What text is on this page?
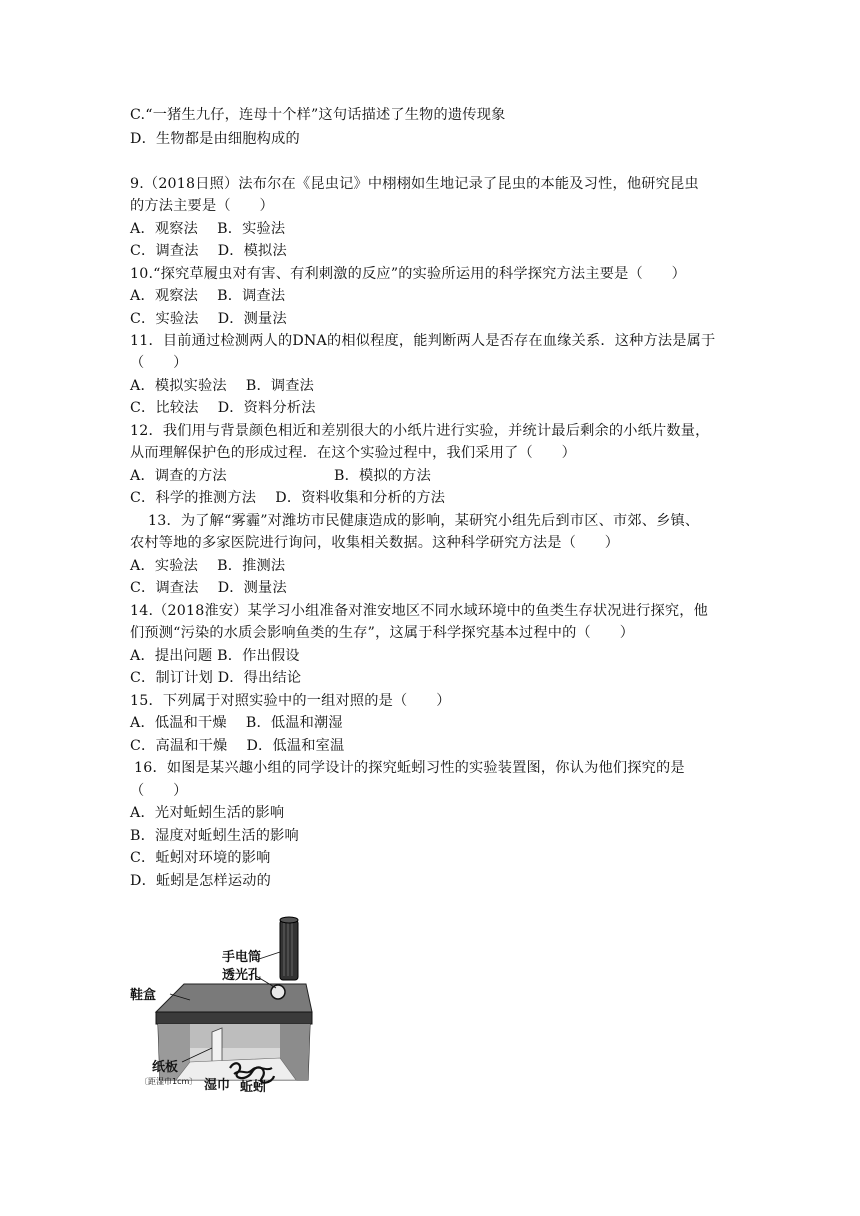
C.“一猪生九仔，连母十个样”这句话描述了生物的遗传现象
D．生物都是由细胞构成的
9.（2018日照）法布尔在《昆虫记》中栩栩如生地记录了昆虫的本能及习性，他研究昆虫
的方法主要是（　　）
A．观察法　 B．实验法
C．调查法　 D．模拟法
10.“探究草履虫对有害、有利刺激的反应”的实验所运用的科学探究方法主要是（　　）
A．观察法　 B．调查法
C．实验法　 D．测量法
11．目前通过检测两人的DNA的相似程度，能判断两人是否存在血缘关系．这种方法是属于
（　　）
A．模拟实验法　 B．调查法
C．比较法　 D．资料分析法
12．我们用与背景颜色相近和差别很大的小纸片进行实验，并统计最后剩余的小纸片数量，
从而理解保护色的形成过程．在这个实验过程中，我们采用了（　　）
A．调查的方法	B．模拟的方法
C．科学的推测方法　 D．资料收集和分析的方法
13．为了解“雾霾”对潍坊市民健康造成的影响，某研究小组先后到市区、市郊、乡镇、
农村等地的多家医院进行询问，收集相关数据。这种科学研究方法是（　　）
A．实验法　 B．推测法
C．调查法　 D．测量法
14.（2018淮安）某学习小组准备对淮安地区不同水域环境中的鱼类生存状况进行探究，他
们预测“污染的水质会影响鱼类的生存”，这属于科学探究基本过程中的（　　）
A．提出问题 B．作出假设
C．制订计划 D．得出结论
15．下列属于对照实验中的一组对照的是（　　）
A．低温和干燥　 B．低温和潮湿
C．高温和干燥　 D．低温和室温
16．如图是某兴趣小组的同学设计的探究蚯蚓习性的实验装置图，你认为他们探究的是
（　　）
A．光对蚯蚓生活的影响
B．湿度对蚯蚓生活的影响
C．蚯蚓对环境的影响
D．蚯蚓是怎样运动的
手电筒
透光孔
鞋盒
纸板
〔距湿巾1cm〕 湿巾 蚯蚓
